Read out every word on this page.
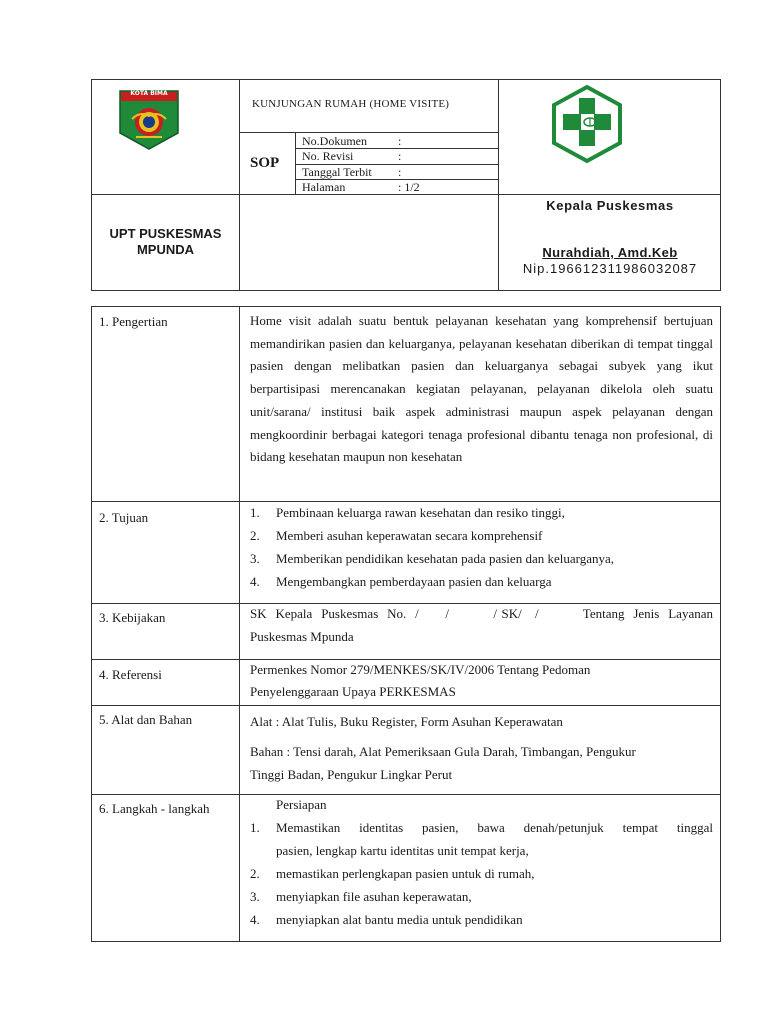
KOTA BIMA
KUNJUNGAN RUMAH (HOME VISITE)
SOP
No.Dokumen	:
No. Revisi	:
Tanggal Terbit :
Halaman	: 1/2
UPT PUSKESMAS
MPUNDA
Kepala Puskesmas
Nurahdiah, Amd.Keb
Nip.196612311986032087
1. Pengertian	Home visit adalah suatu bentuk pelayanan kesehatan yang komprehensif bertujuan memandirikan pasien dan keluarganya, pelayanan kesehatan diberikan di tempat tinggal pasien dengan melibatkan pasien dan keluarganya sebagai subyek yang ikut berpartisipasi merencanakan kegiatan pelayanan, pelayanan dikelola oleh suatu unit/sarana/ institusi baik aspek administrasi maupun aspek pelayanan dengan mengkoordinir berbagai kategori tenaga profesional dibantu tenaga non profesional, di bidang kesehatan maupun non kesehatan

2. Tujuan	1. Pembinaan keluarga rawan kesehatan dan resiko tinggi,
2. Memberi asuhan keperawatan secara komprehensif
3. Memberikan pendidikan kesehatan pada pasien dan keluarganya,
4. Mengembangkan pemberdayaan pasien dan keluarga
3. Kebijakan	SK  Kepala  Puskesmas  No.  /      /          / SK/   /          Tentang  Jenis  Layanan
Puskesmas Mpunda
4. Referensi	Permenkes Nomor 279/MENKES/SK/IV/2006 Tentang Pedoman
Penyelenggaraan Upaya PERKESMAS
5. Alat dan Bahan	Alat : Alat Tulis, Buku Register, Form Asuhan Keperawatan
Bahan : Tensi darah, Alat Pemeriksaan Gula Darah, Timbangan, Pengukur
Tinggi Badan, Pengukur Lingkar Perut
6. Langkah - langkah	Persiapan
1. Memastikan  identitas  pasien,  bawa  denah/petunjuk  tempat  tinggal
pasien, lengkap kartu identitas unit tempat kerja,
2. memastikan perlengkapan pasien untuk di rumah,
3. menyiapkan file asuhan keperawatan,
4. menyiapkan alat bantu media untuk pendidikan
